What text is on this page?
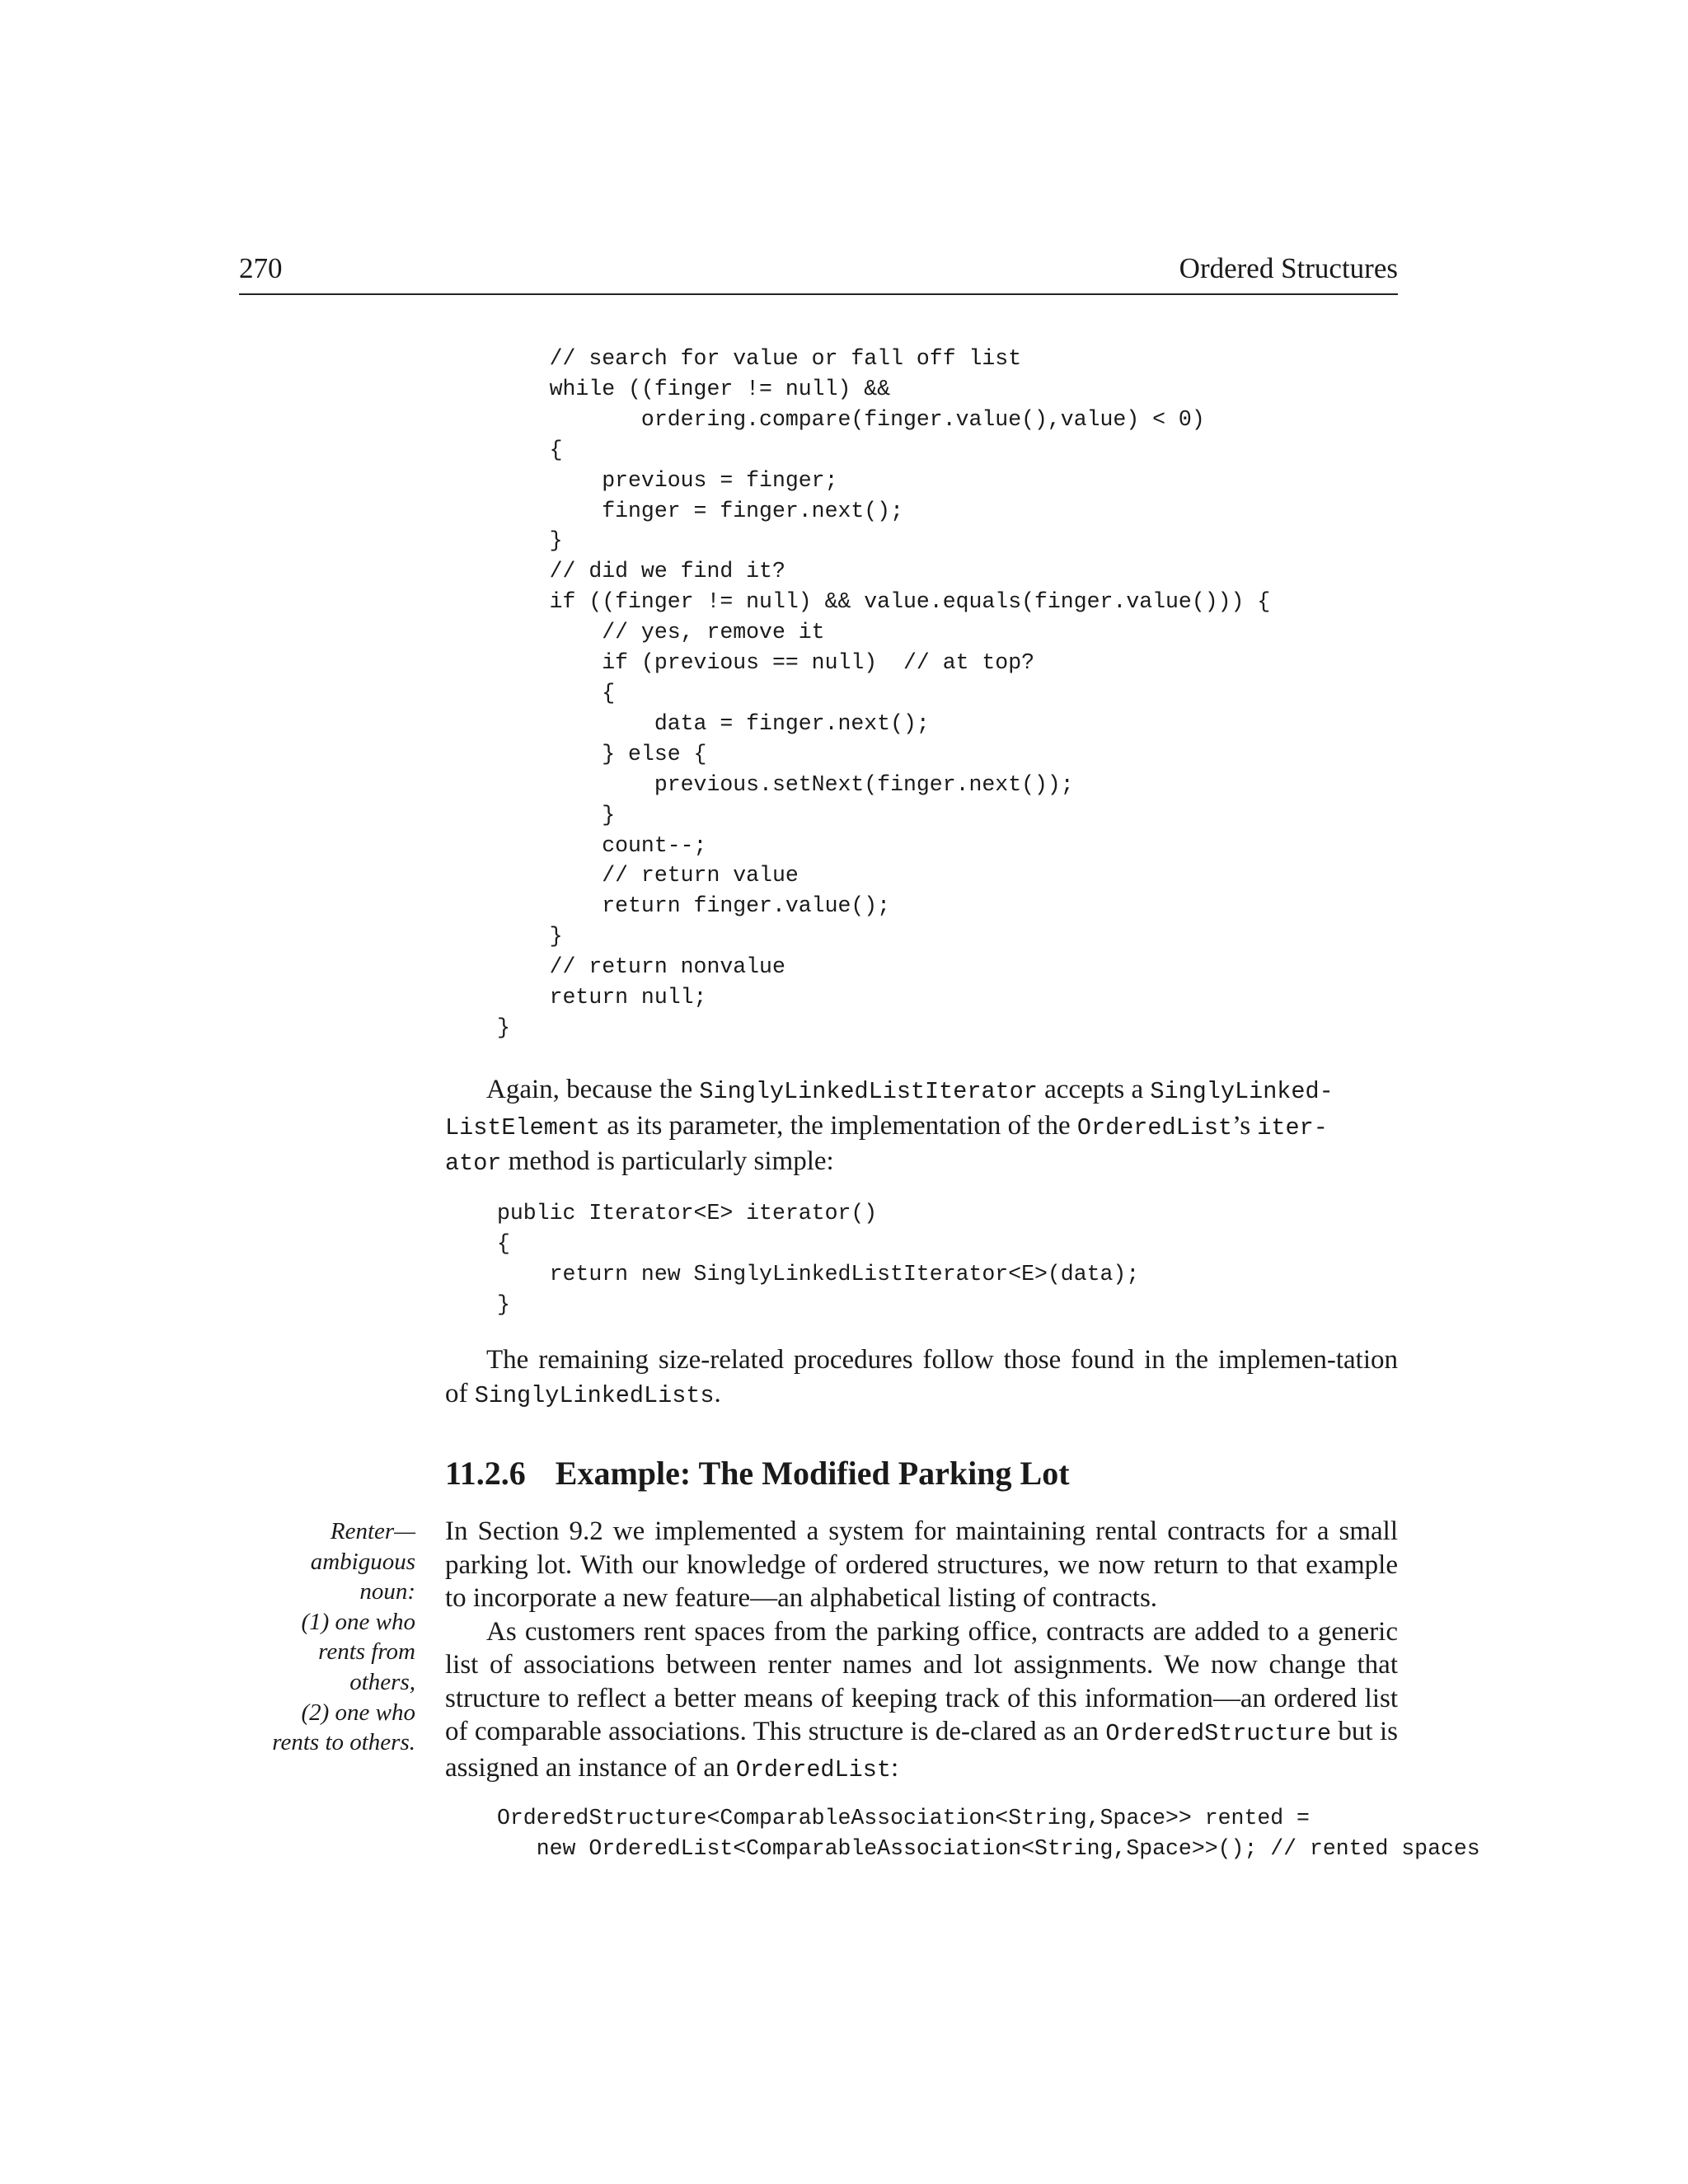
270	Ordered Structures
// search for value or fall off list
while ((finger != null) &&
ordering.compare(finger.value(),value) < 0)
{
previous = finger;
finger = finger.next();
}
// did we find it?
if ((finger != null) && value.equals(finger.value())) {
// yes, remove it
if (previous == null)  // at top?
{
data = finger.next();
} else {
previous.setNext(finger.next());
}
count--;
// return value
return finger.value();
}
// return nonvalue
return null;
}
Again, because the SinglyLinkedListIterator accepts a SinglyLinked-
ListElement as its parameter, the implementation of the OrderedList’s iter-
ator method is particularly simple:
public Iterator<E> iterator()
{
return new SinglyLinkedListIterator<E>(data);
}
The remaining size-related procedures follow those found in the implemen-tation of SinglyLinkedLists.
11.2.6 Example: The Modified Parking Lot
Renter—
ambiguous
noun:
(1) one who
rents from
others,
(2) one who
rents to others.
In Section 9.2 we implemented a system for maintaining rental contracts for a small parking lot. With our knowledge of ordered structures, we now return to that example to incorporate a new feature—an alphabetical listing of contracts.
As customers rent spaces from the parking office, contracts are added to a generic list of associations between renter names and lot assignments. We now change that structure to reflect a better means of keeping track of this information—an ordered list of comparable associations. This structure is de-clared as an OrderedStructure but is assigned an instance of an OrderedList:
OrderedStructure<ComparableAssociation<String,Space>> rented =
new OrderedList<ComparableAssociation<String,Space>>(); // rented spaces
